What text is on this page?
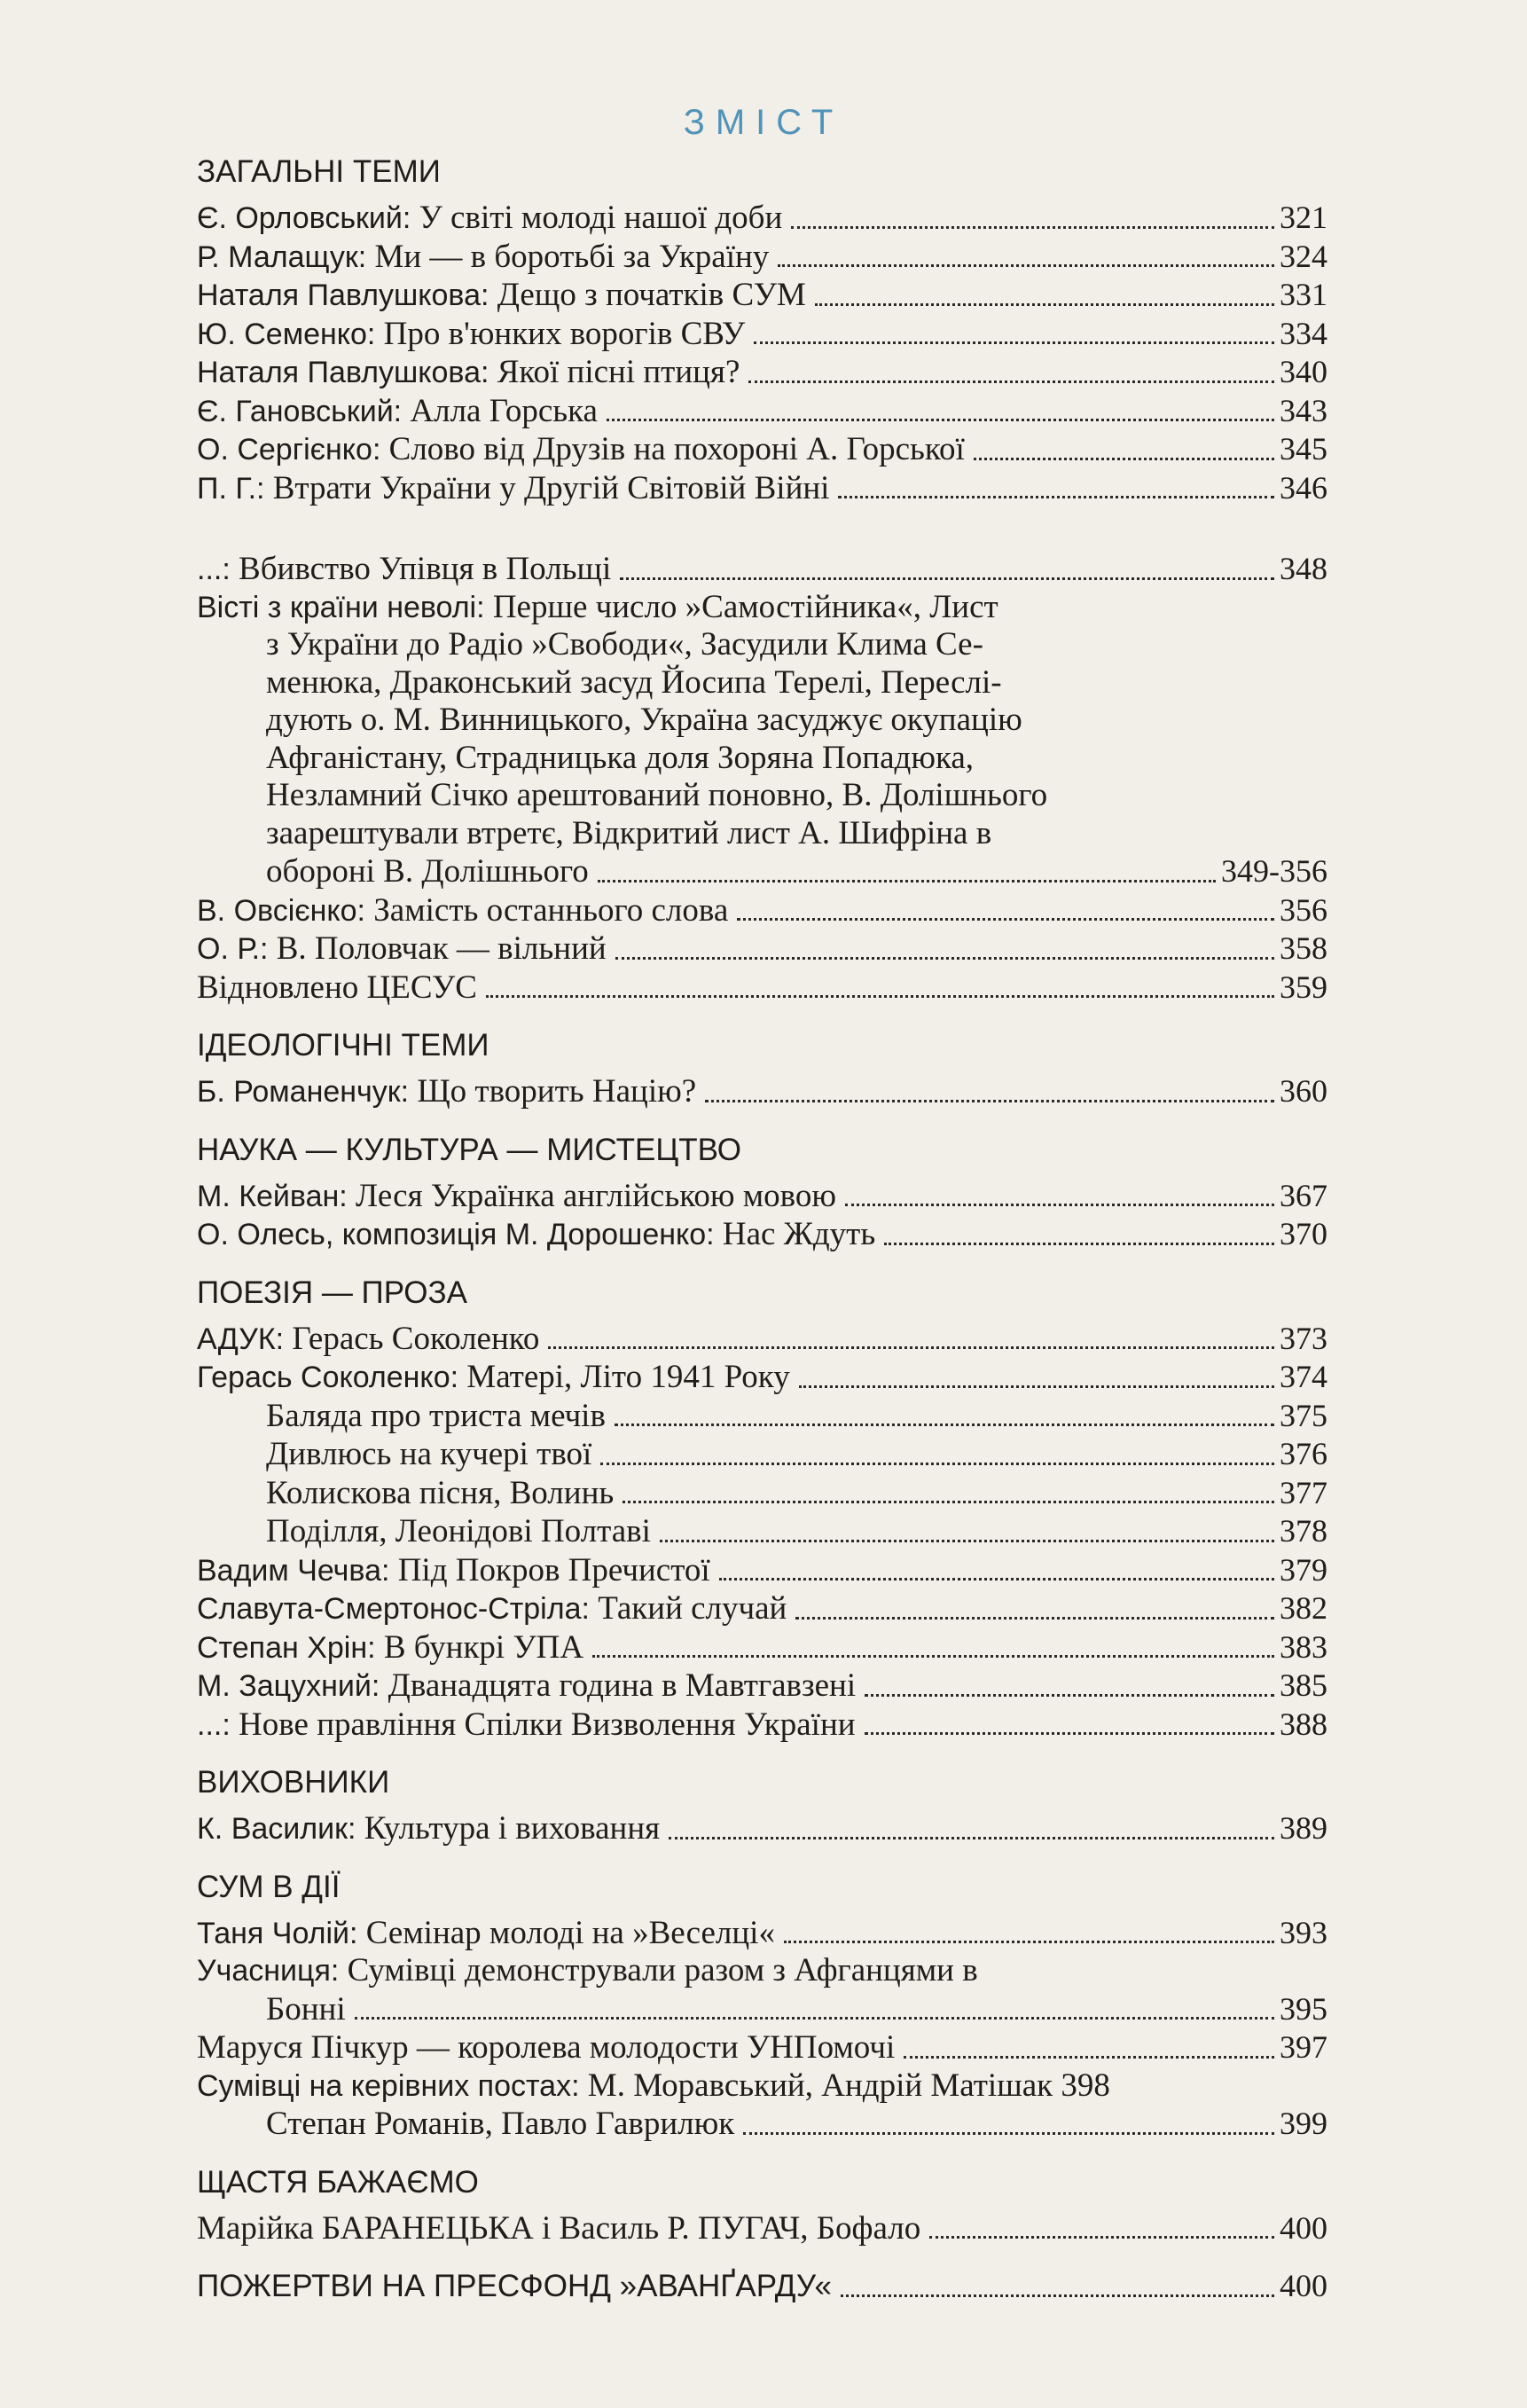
ЗМІСТ
ЗАГАЛЬНІ ТЕМИ
Є. Орловський: У світі молоді нашої доби	321
Р. Малащук: Ми — в боротьбі за Україну	324
Наталя Павлушкова: Дещо з початків СУМ	331
Ю. Семенко: Про в'юнких ворогів СВУ	334
Наталя Павлушкова: Якої пісні птиця?	340
Є. Гановський: Алла Горська	343
О. Сергієнко: Слово від Друзів на похороні А. Горської	345
П. Г.: Втрати України у Другій Світовій Війні	346
...: Вбивство Упівця в Польщі	348
Вісті з країни неволі: Перше число »Самостійника«, Лист
з України до Радіо »Свободи«, Засудили Клима Се-
менюка, Драконський засуд Йосипа Терелі, Переслі-
дують о. М. Винницького, Україна засуджує окупацію
Афганістану, Страдницька доля Зоряна Попадюка,
Незламний Січко арештований поновно, В. Долішнього
заарештували втретє, Відкритий лист А. Шифріна в
обороні В. Долішнього	349-356
В. Овсієнко: Замість останнього слова	356
О. Р.: В. Половчак — вільний	358
Відновлено ЦЕСУС	359
ІДЕОЛОГІЧНІ ТЕМИ
Б. Романенчук: Що творить Націю?	360
НАУКА — КУЛЬТУРА — МИСТЕЦТВО
М. Кейван: Леся Українка англійською мовою	367
О. Олесь, композиція М. Дорошенко: Нас Ждуть	370
ПОЕЗІЯ — ПРОЗА
АДУК: Герась Соколенко	373
Герась Соколенко: Матері, Літо 1941 Року	374
Баляда про триста мечів	375
Дивлюсь на кучері твої	376
Колискова пісня, Волинь	377
Поділля, Леонідові Полтаві	378
Вадим Чечва: Під Покров Пречистої	379
Славута-Смертонос-Стріла: Такий случай	382
Степан Хрін: В бункрі УПА	383
М. Зацухний: Дванадцята година в Мавтгавзені	385
...: Нове правління Спілки Визволення України	388
ВИХОВНИКИ
К. Василик: Культура і виховання	389
СУМ В ДІЇ
Таня Чолій: Семінар молоді на »Веселці«	393
Учасниця: Сумівці демонстрували разом з Афганцями в
Бонні	395
Маруся Пічкур — королева молодости УНПомочі	397
Сумівці на керівних постах: М. Моравський, Андрій Матішак 398
Степан Романів, Павло Гаврилюк	399
ЩАСТЯ БАЖАЄМО
Марійка БАРАНЕЦЬКА і Василь Р. ПУГАЧ, Бофало	400
ПОЖЕРТВИ НА ПРЕСФОНД »АВАНҐАРДУ«	400
